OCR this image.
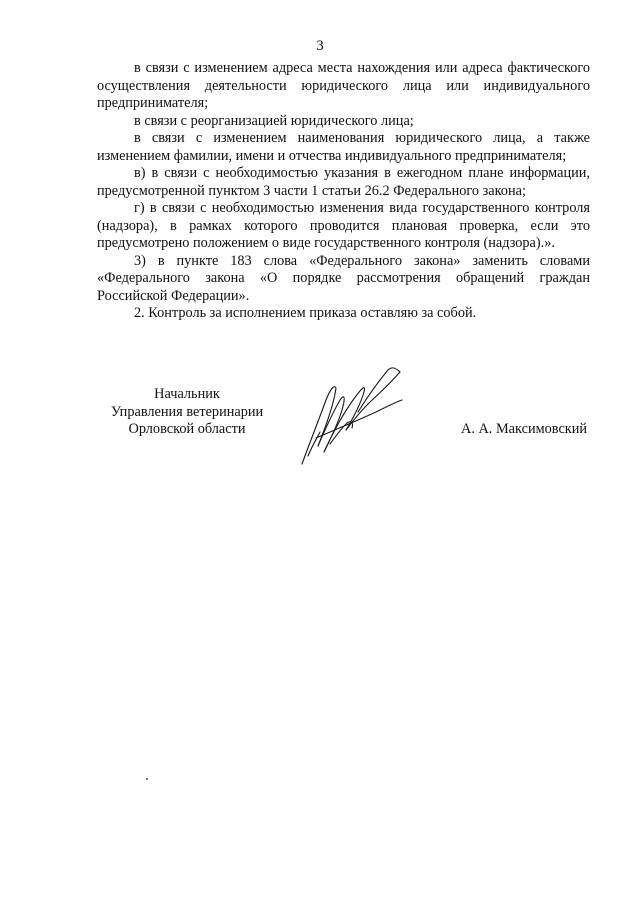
3

в связи с изменением адреса места нахождения или адреса фактического осуществления деятельности юридического лица или индивидуального предпринимателя;

в связи с реорганизацией юридического лица;

в связи с изменением наименования юридического лица, а также изменением фамилии, имени и отчества индивидуального предпринимателя;

в) в связи с необходимостью указания в ежегодном плане информации, предусмотренной пунктом 3 части 1 статьи 26.2 Федерального закона;

г) в связи с необходимостью изменения вида государственного контроля (надзора), в рамках которого проводится плановая проверка, если это предусмотрено положением о виде государственного контроля (надзора).».

3) в пункте 183 слова «Федерального закона» заменить словами «Федерального закона «О порядке рассмотрения обращений граждан Российской Федерации».

2. Контроль за исполнением приказа оставляю за собой.

Начальник
Управления ветеринарии
Орловской области	А. А. Максимовский
